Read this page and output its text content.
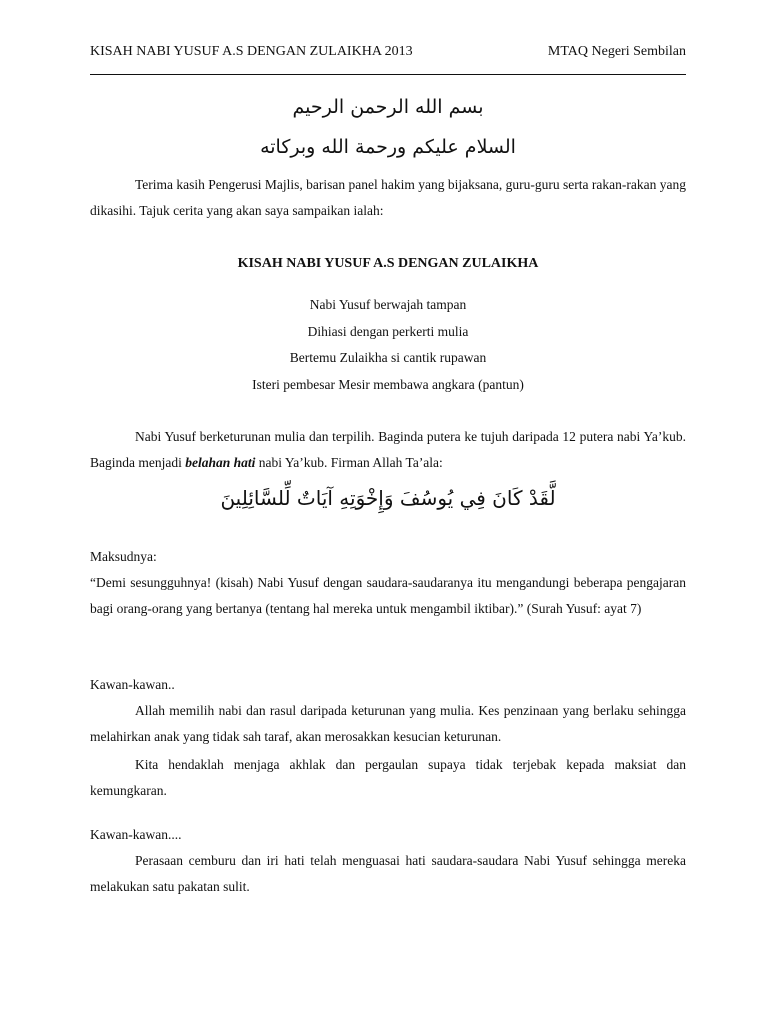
KISAH NABI YUSUF A.S DENGAN ZULAIKHA 2013	MTAQ Negeri Sembilan
بسم الله الرحمن الرحيم
السلام عليكم ورحمة الله وبركاته
Terima kasih Pengerusi Majlis, barisan panel hakim yang bijaksana, guru-guru serta rakan-rakan yang dikasihi. Tajuk cerita yang akan saya sampaikan ialah:
KISAH NABI YUSUF A.S DENGAN ZULAIKHA
Nabi Yusuf berwajah tampan
Dihiasi dengan perkerti mulia
Bertemu Zulaikha si cantik rupawan
Isteri pembesar Mesir membawa angkara (pantun)
Nabi Yusuf berketurunan mulia dan terpilih. Baginda putera ke tujuh daripada 12 putera nabi Ya’kub. Baginda menjadi belahan hati nabi Ya’kub. Firman Allah Ta’ala:
لَّقَدْ كَانَ فِي يُوسُفَ وَإِخْوَتِهِ آيَاتٌ لِّلسَّائِلِينَ
Maksudnya:
“Demi sesungguhnya! (kisah) Nabi Yusuf dengan saudara-saudaranya itu mengandungi beberapa pengajaran bagi orang-orang yang bertanya (tentang hal mereka untuk mengambil iktibar).” (Surah Yusuf: ayat 7)
Kawan-kawan..
Allah memilih nabi dan rasul daripada keturunan yang mulia. Kes penzinaan yang berlaku sehingga melahirkan anak yang tidak sah taraf, akan merosakkan kesucian keturunan.
Kita hendaklah menjaga akhlak dan pergaulan supaya tidak terjebak kepada maksiat dan kemungkaran.
Kawan-kawan....
Perasaan cemburu dan iri hati telah menguasai hati saudara-saudara Nabi Yusuf sehingga mereka melakukan satu pakatan sulit.
